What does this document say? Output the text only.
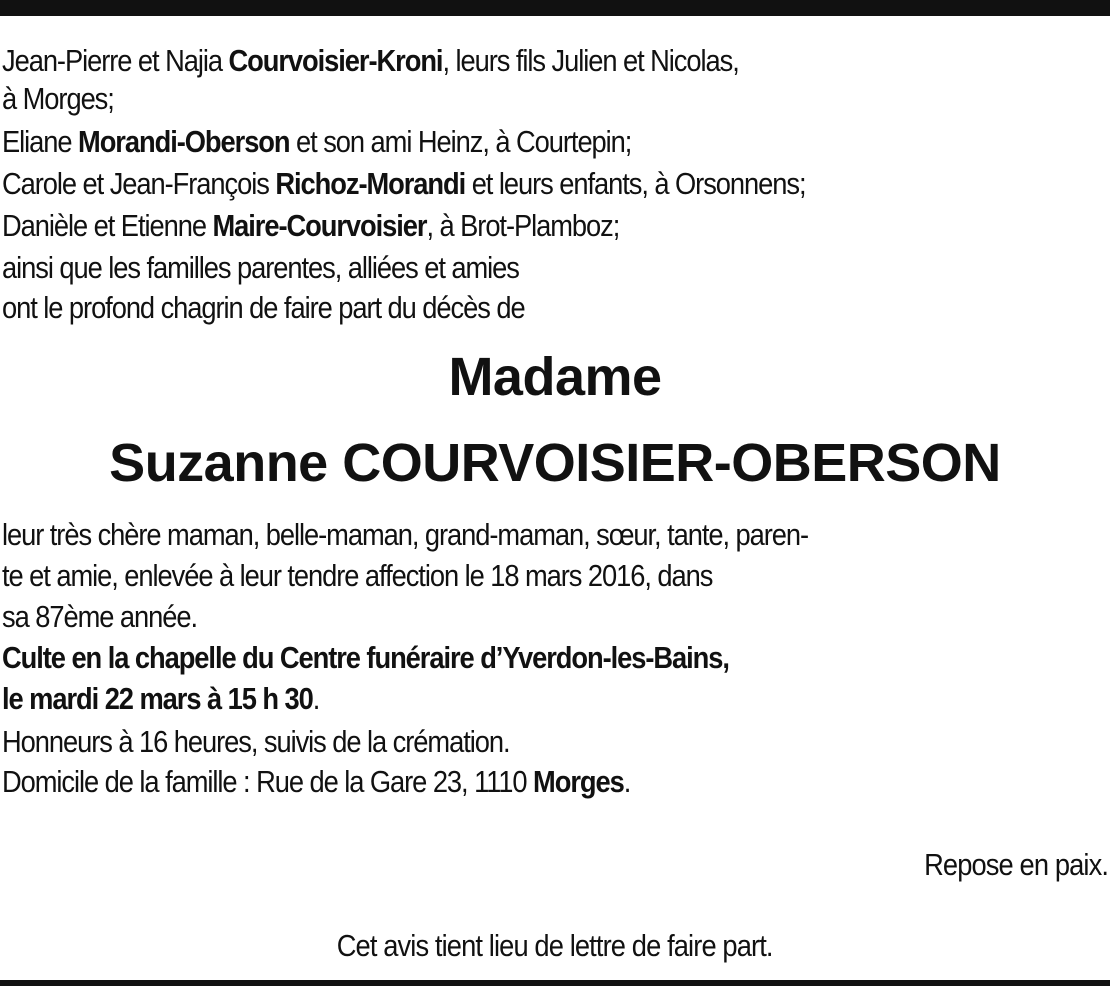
Jean-Pierre et Najia Courvoisier-Kroni, leurs fils Julien et Nicolas,
à Morges;
Eliane Morandi-Oberson et son ami Heinz, à Courtepin;
Carole et Jean-François Richoz-Morandi et leurs enfants, à Orsonnens;
Danièle et Etienne Maire-Courvoisier, à Brot-Plamboz;
ainsi que les familles parentes, alliées et amies
ont le profond chagrin de faire part du décès de
Madame
Suzanne COURVOISIER-OBERSON
leur très chère maman, belle-maman, grand-maman, sœur, tante, paren-
te et amie, enlevée à leur tendre affection le 18 mars 2016, dans
sa 87ème année.
Culte en la chapelle du Centre funéraire d’Yverdon-les-Bains,
le mardi 22 mars à 15 h 30.
Honneurs à 16 heures, suivis de la crémation.
Domicile de la famille : Rue de la Gare 23, 1110 Morges.
Repose en paix.
Cet avis tient lieu de lettre de faire part.
